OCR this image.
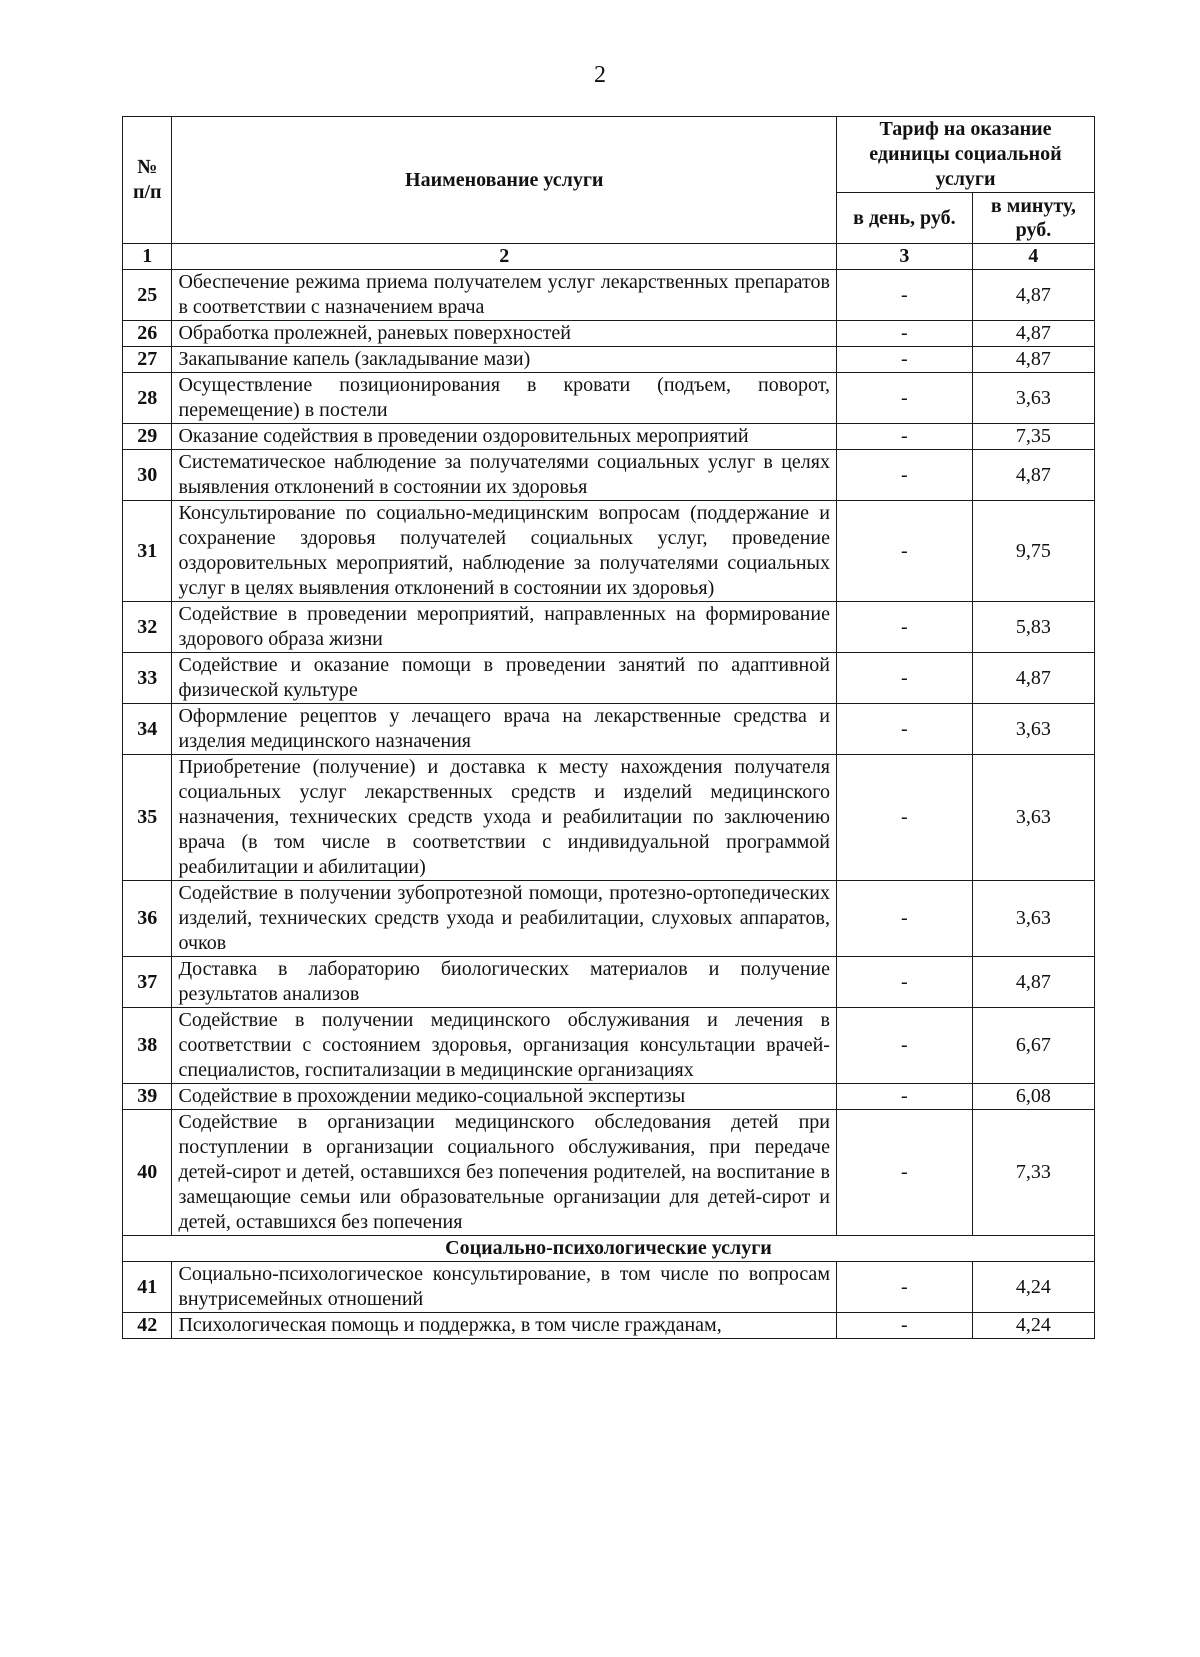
2
№ п/п	Наименование услуги	Тариф на оказание единицы социальной услуги	
		в день, руб.	в минуту, руб.
1	2	3	4
25	Обеспечение режима приема получателем услуг лекарственных препаратов в соответствии с назначением врача	-	4,87
26	Обработка пролежней, раневых поверхностей	-	4,87
27	Закапывание капель (закладывание мази)	-	4,87
28	Осуществление позиционирования в кровати (подъем, поворот, перемещение) в постели	-	3,63
29	Оказание содействия в проведении оздоровительных мероприятий	-	7,35
30	Систематическое наблюдение за получателями социальных услуг в целях выявления отклонений в состоянии их здоровья	-	4,87
31	Консультирование по социально-медицинским вопросам (поддержание и сохранение здоровья получателей социальных услуг, проведение оздоровительных мероприятий, наблюдение за получателями социальных услуг в целях выявления отклонений в состоянии их здоровья)	-	9,75
32	Содействие в проведении мероприятий, направленных на формирование здорового образа жизни	-	5,83
33	Содействие и оказание помощи в проведении занятий по адаптивной физической культуре	-	4,87
34	Оформление рецептов у лечащего врача на лекарственные средства и изделия медицинского назначения	-	3,63
35	Приобретение (получение) и доставка к месту нахождения получателя социальных услуг лекарственных средств и изделий медицинского назначения, технических средств ухода и реабилитации по заключению врача (в том числе в соответствии с индивидуальной программой реабилитации и абилитации)	-	3,63
36	Содействие в получении зубопротезной помощи, протезно-ортопедических изделий, технических средств ухода и реабилитации, слуховых аппаратов, очков	-	3,63
37	Доставка в лабораторию биологических материалов и получение результатов анализов	-	4,87
38	Содействие в получении медицинского обслуживания и лечения в соответствии с состоянием здоровья, организация консультации врачей-специалистов, госпитализации в медицинские организациях	-	6,67
39	Содействие в прохождении медико-социальной экспертизы	-	6,08
40	Содействие в организации медицинского обследования детей при поступлении в организации социального обслуживания, при передаче детей-сирот и детей, оставшихся без попечения родителей, на воспитание в замещающие семьи или образовательные организации для детей-сирот и детей, оставшихся без попечения	-	7,33
Социально-психологические услуги			
41	Социально-психологическое консультирование, в том числе по вопросам внутрисемейных отношений	-	4,24
42	Психологическая помощь и поддержка, в том числе гражданам,	-	4,24
